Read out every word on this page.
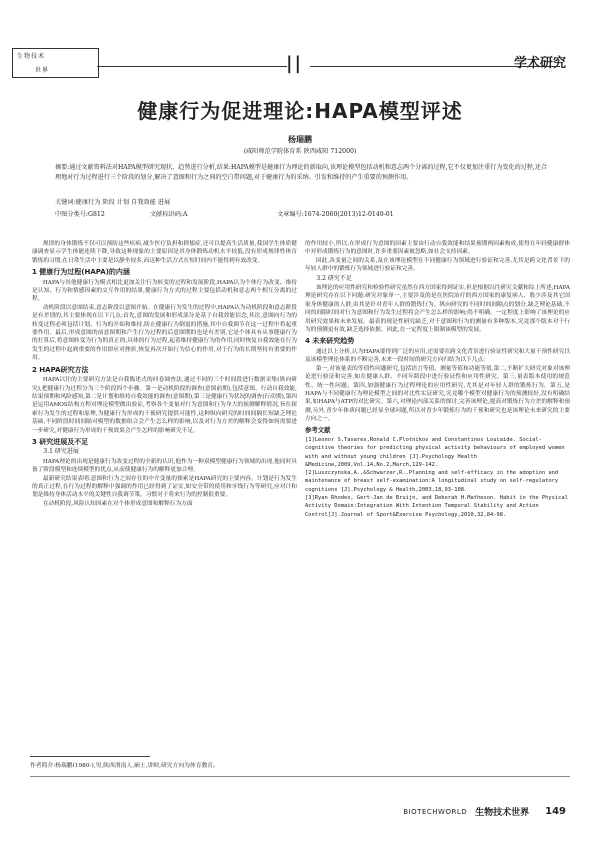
生物技术
世界	||	学术研究
健康行为促进理论:HAPA模型评述
杨瑞鹏
(咸阳师范学院体育系 陕西咸阳 712000)
摘要:通过文献资料法对HAPA模型研究现状、趋势进行分析,结果:HAPA模型是健康行为理论的新取向,该理论模型包括动机和意志两个分离的过程,它不仅更加注重行为变化的过程,还合理地对行为过程进行三个阶段的划分,解决了意图和行为之间的空白带问题,对于健康行为的采纳、引发和维持的产生重要的预测作用。
关键词:健康行为 阶段 计划 自我效能 进展
中图分类号:G812	文献标识码:A	文章编号:1674-2060(2013)12-0149-01

规律的身体锻炼不仅可以预防这些疾病,减少医疗负担和抑郁症,还可以提高生活质量,我国学生体质健康调查显示学生体能连续下降,导致这种现象的主要原因是其身体锻炼动机水平较低,没有形成规律性体育锻炼的习惯,在日常生活中主要是以静坐较多,而这种生活方式在短时间内不能得到有效改变。

1 健康行为过程(HAPA)的内涵

HAPA与其他健康行为模式相比更加关注行为转变的过程和发展阶段,HAPA认为个体行为改变、维持是认知、行为和情感因素的交互作用的结果,健康行为方式的过程主要包括动机和意志两个相互分离的过程。

动机阶段以意图结束,意志阶段以意图开始。在健康行为发生的过程中,HAPA认为动机阶段和意志阶段是有差别的,其主要体现在以下几点:首先,意图的发展和形成部分是基于自我效能信念,其次,意图向行为的转变过程必须包括计划、行为的开始和维持,防止健康行为倒退的措施,其中自我调节在这一过程中将起重要作用。最后,形成意图的前意图期和产生行为过程的后意图期的也是有差别,它是个体具有从事健康行为的打算后,将意图转变为行为的真正的,具体的行为过程,起着维持健康行为的作用,同时恢复自我效能在行为发生的过程中起到重要的作用即应对挫折,恢复再次开始行为信心的作用,对于行为的长期坚持有重要的作用。

2 HAPA研究方法

HAPA以往的主要研究方法是自我陈述式的问卷调查法,通过不同的三个时间段进行数据采集(纵向研究),把健康行为过程分为三个阶段四个步骤。第一是动机阶段的调查(意图前期),包括意图、行动自我效能,结果预期和风险感知,第二是计划和维持自我效能的调查(意图期),第三是健康行为状况的调查(行动期),第四是运用AMOS结构方程对理论模型做出验证,考察各个变量对行为意图和行为身大的预测解释情况,旨在探索行为发生的过程和原理,为健康行为形成的干预研究提供可能性,这种纵向研究的时间间隔长短缺乏理论基础,不同阶段时间间隔对模型的数据组合会产生怎么样的影响,以及对行为方差的解释会变得如何需要进一步研究,对健康行为形成的干预效果会产生怎样的影响研究不足。

3 研究进展及不足
3.1 研究进展

HAPA理论的出现是健康行为改变过程的全新的认识,他作为一种双模型健康行为领域的出现,他同时具备了阶段模型和连续模型的优点,从而使健康行为的解释更加合理。

最新研究结果表明:意图和行为之间存在的中介变量的探索是HAPA研究的主要内容。计划是行为发生的真正过程,在行为过程的解释中强调的作用已经得到了证实,如安全带的使用和牙线行为等研究,应对计和划是维持身体活动水平的关键性自我调节策。习惯对于将来行为的控制很重要。

在动机阶段,风险认知因素在对个体形成意图和解释行为方面

的作用较小,所以,在形成行为意图的因素主要由行动自我效能和结果预期两因素构成,使得在年轻健康群体中对形成锻炼行为的意图时,许多重要因素被忽略,如社会支持因素。

因此,各变量之间的关系,及在该理论模型在不同健康行为领域进行验证和完善,尤其是跨文化背景下的年轻人群中的锻炼行为领域进行验证和完善。

3.2 研究不足

该理论的应用性研究和检验性研究虽然在西方国家得到证实,但是根据以往研究文献和综上所述,HAPA理论研究存在以下问题:研究对象单一,主要涉及的是在医院治疗的西方国家的康复病人、股少涉及其它国家身体健康的人群,由其是针对青年人群的锻炼行为。纵向研究的不同时间间隔点的划分,缺乏理论基础,不同的间隔时间对行为意图和行为发生过程将会产生怎么样的影响;尚不明确。一定程度上影响了该理论的应用研究效果和未来发展。最表的现是性研究缺乏,对于意图和行为的测量有多种版本,究竟那个版本对于行为的预测更有效,缺乏选择依据。因此,在一定程度上限制该模型的发展。

4 未来研究趋势

通过以上分析,认为HAPA要得到广泛的应用,还需要在跨文化背景进行验证性研究和大量干预性研究以及该模型理论体系的不断完善,未来一段时间的研究方向归结为以下几点:

第一,对该量表的等值性问题研究,包括语言等值、测量等值和功能等值,第二,不断扩大研究对象对该理论进行验证和完善,如在健康人群、不同年龄段中进行验证性和应用性研究。第三,量表版本使用的规范性、统一性问题。第四,加强健康行为过程理论的应用性研究,尤其是对年轻人群的锻炼行为。第五,是HAPA与不同健康行为理论模型之间的对比性实证研究,究竟哪个模型对健康行为的预测较好,没有明确结果,如HAPA与ATP的对比研究。第六,对理论内部关系的探讨,完善该理论,提高对锻炼行为方差的解释和预测,另外,青少年体质问题已经显全球问题,所以对青少年锻炼行为的干预和研究也是该理论未来研究的主要方向之一。

参考文献

[1]Leonor S.Tavares,Ronald C.Plotnikov and Constantinos Loucaide. Social-cognitive theories for predicting physical activity behaviours of employed women with and without young children [J].Psychology Health &Medicine,2009,Vol.14,No.2,March,129-142.

[2]Luszczynska,A.,&Schwarzer,R..Planning and self-efficacy in the adoption and maintenance of breast self-examination:A longitudinal study on self-regulatory cognitions [J].Psychology & Health,2003,18,93-108.

[3]Ryan Rhodes, Gert-Jan de Bruijn, and Deborah H.Matheson. Habit in the Physical Activity Domain:Integration With Intention Temporal Stability and Action Control[J].Journal of Sport&Exercise Psychology,2010,32,84-98.

作者简介:杨瑞鹏(1980-),男,陕西渭南人,硕士,讲师,研究方向为体育教育。
BIOTECHWORLD 生物技术世界 149
